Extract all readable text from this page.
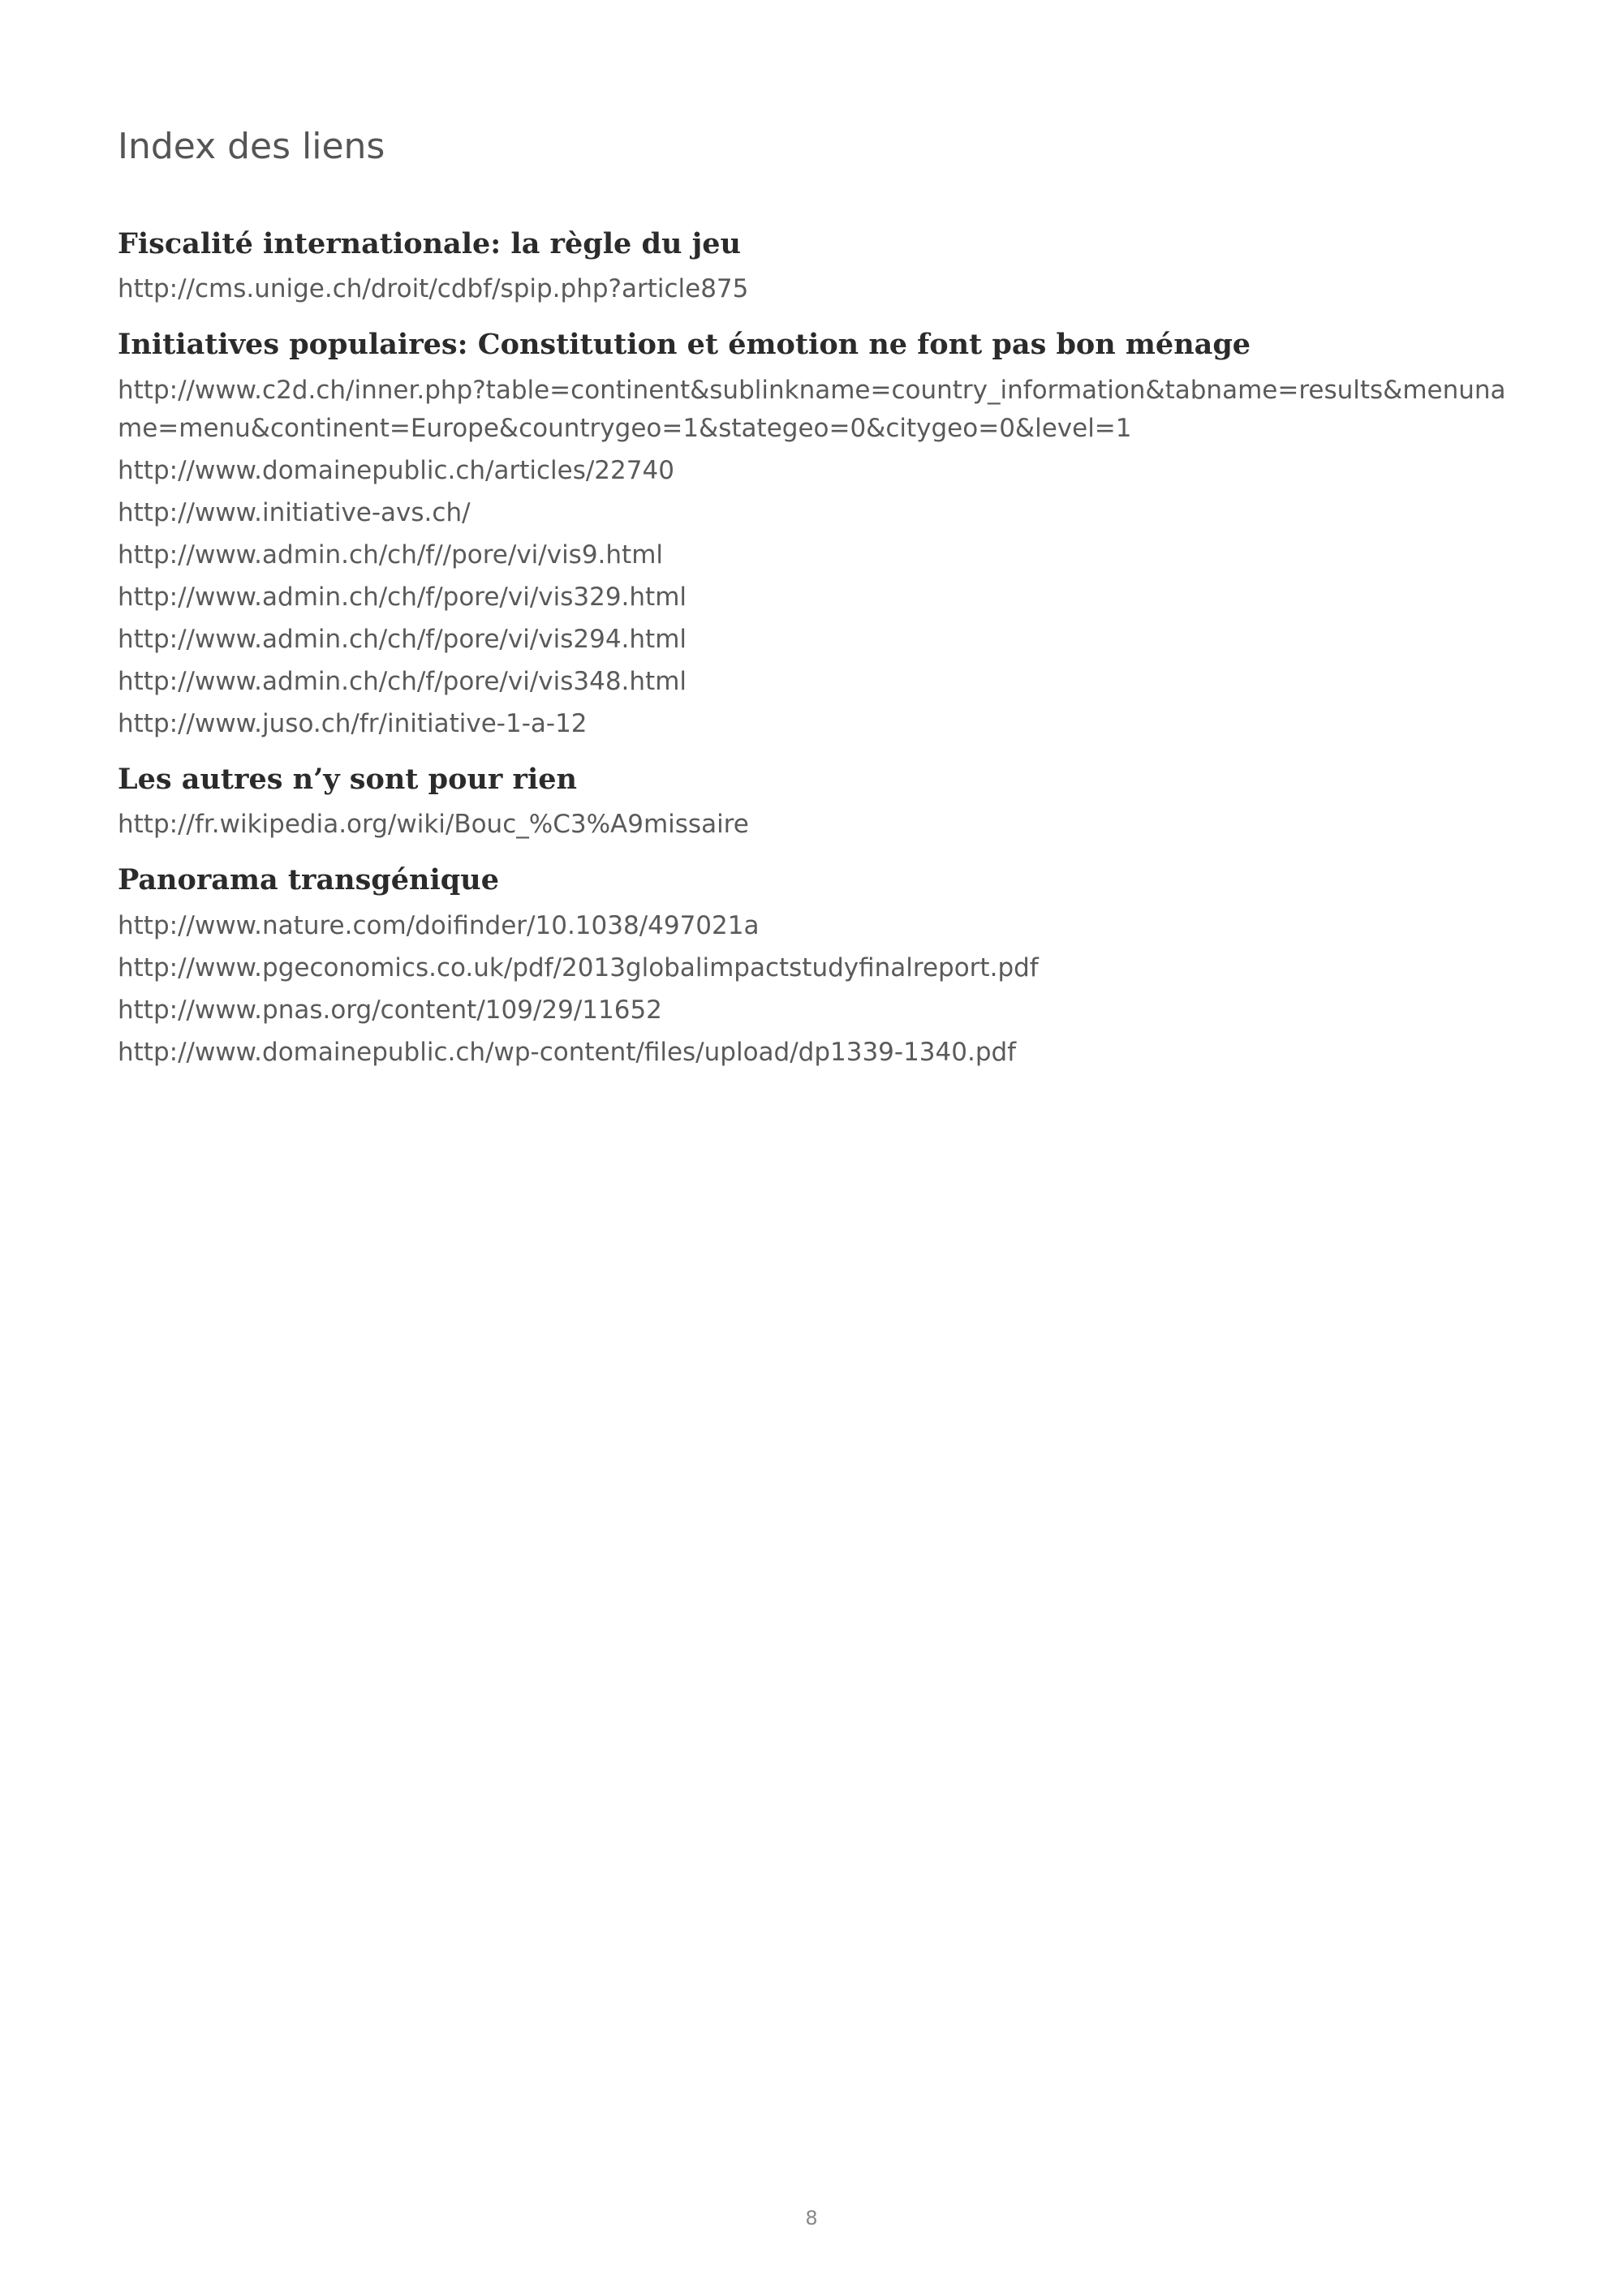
Index des liens
Fiscalité internationale: la règle du jeu
http://cms.unige.ch/droit/cdbf/spip.php?article875
Initiatives populaires: Constitution et émotion ne font pas bon ménage
http://www.c2d.ch/inner.php?table=continent&sublinkname=country_information&tabname=results&menuname=menu&continent=Europe&countrygeo=1&stategeo=0&citygeo=0&level=1
http://www.domainepublic.ch/articles/22740
http://www.initiative-avs.ch/
http://www.admin.ch/ch/f//pore/vi/vis9.html
http://www.admin.ch/ch/f/pore/vi/vis329.html
http://www.admin.ch/ch/f/pore/vi/vis294.html
http://www.admin.ch/ch/f/pore/vi/vis348.html
http://www.juso.ch/fr/initiative-1-a-12
Les autres n’y sont pour rien
http://fr.wikipedia.org/wiki/Bouc_%C3%A9missaire
Panorama transgénique
http://www.nature.com/doifinder/10.1038/497021a
http://www.pgeconomics.co.uk/pdf/2013globalimpactstudyfinalreport.pdf
http://www.pnas.org/content/109/29/11652
http://www.domainepublic.ch/wp-content/files/upload/dp1339-1340.pdf
8
